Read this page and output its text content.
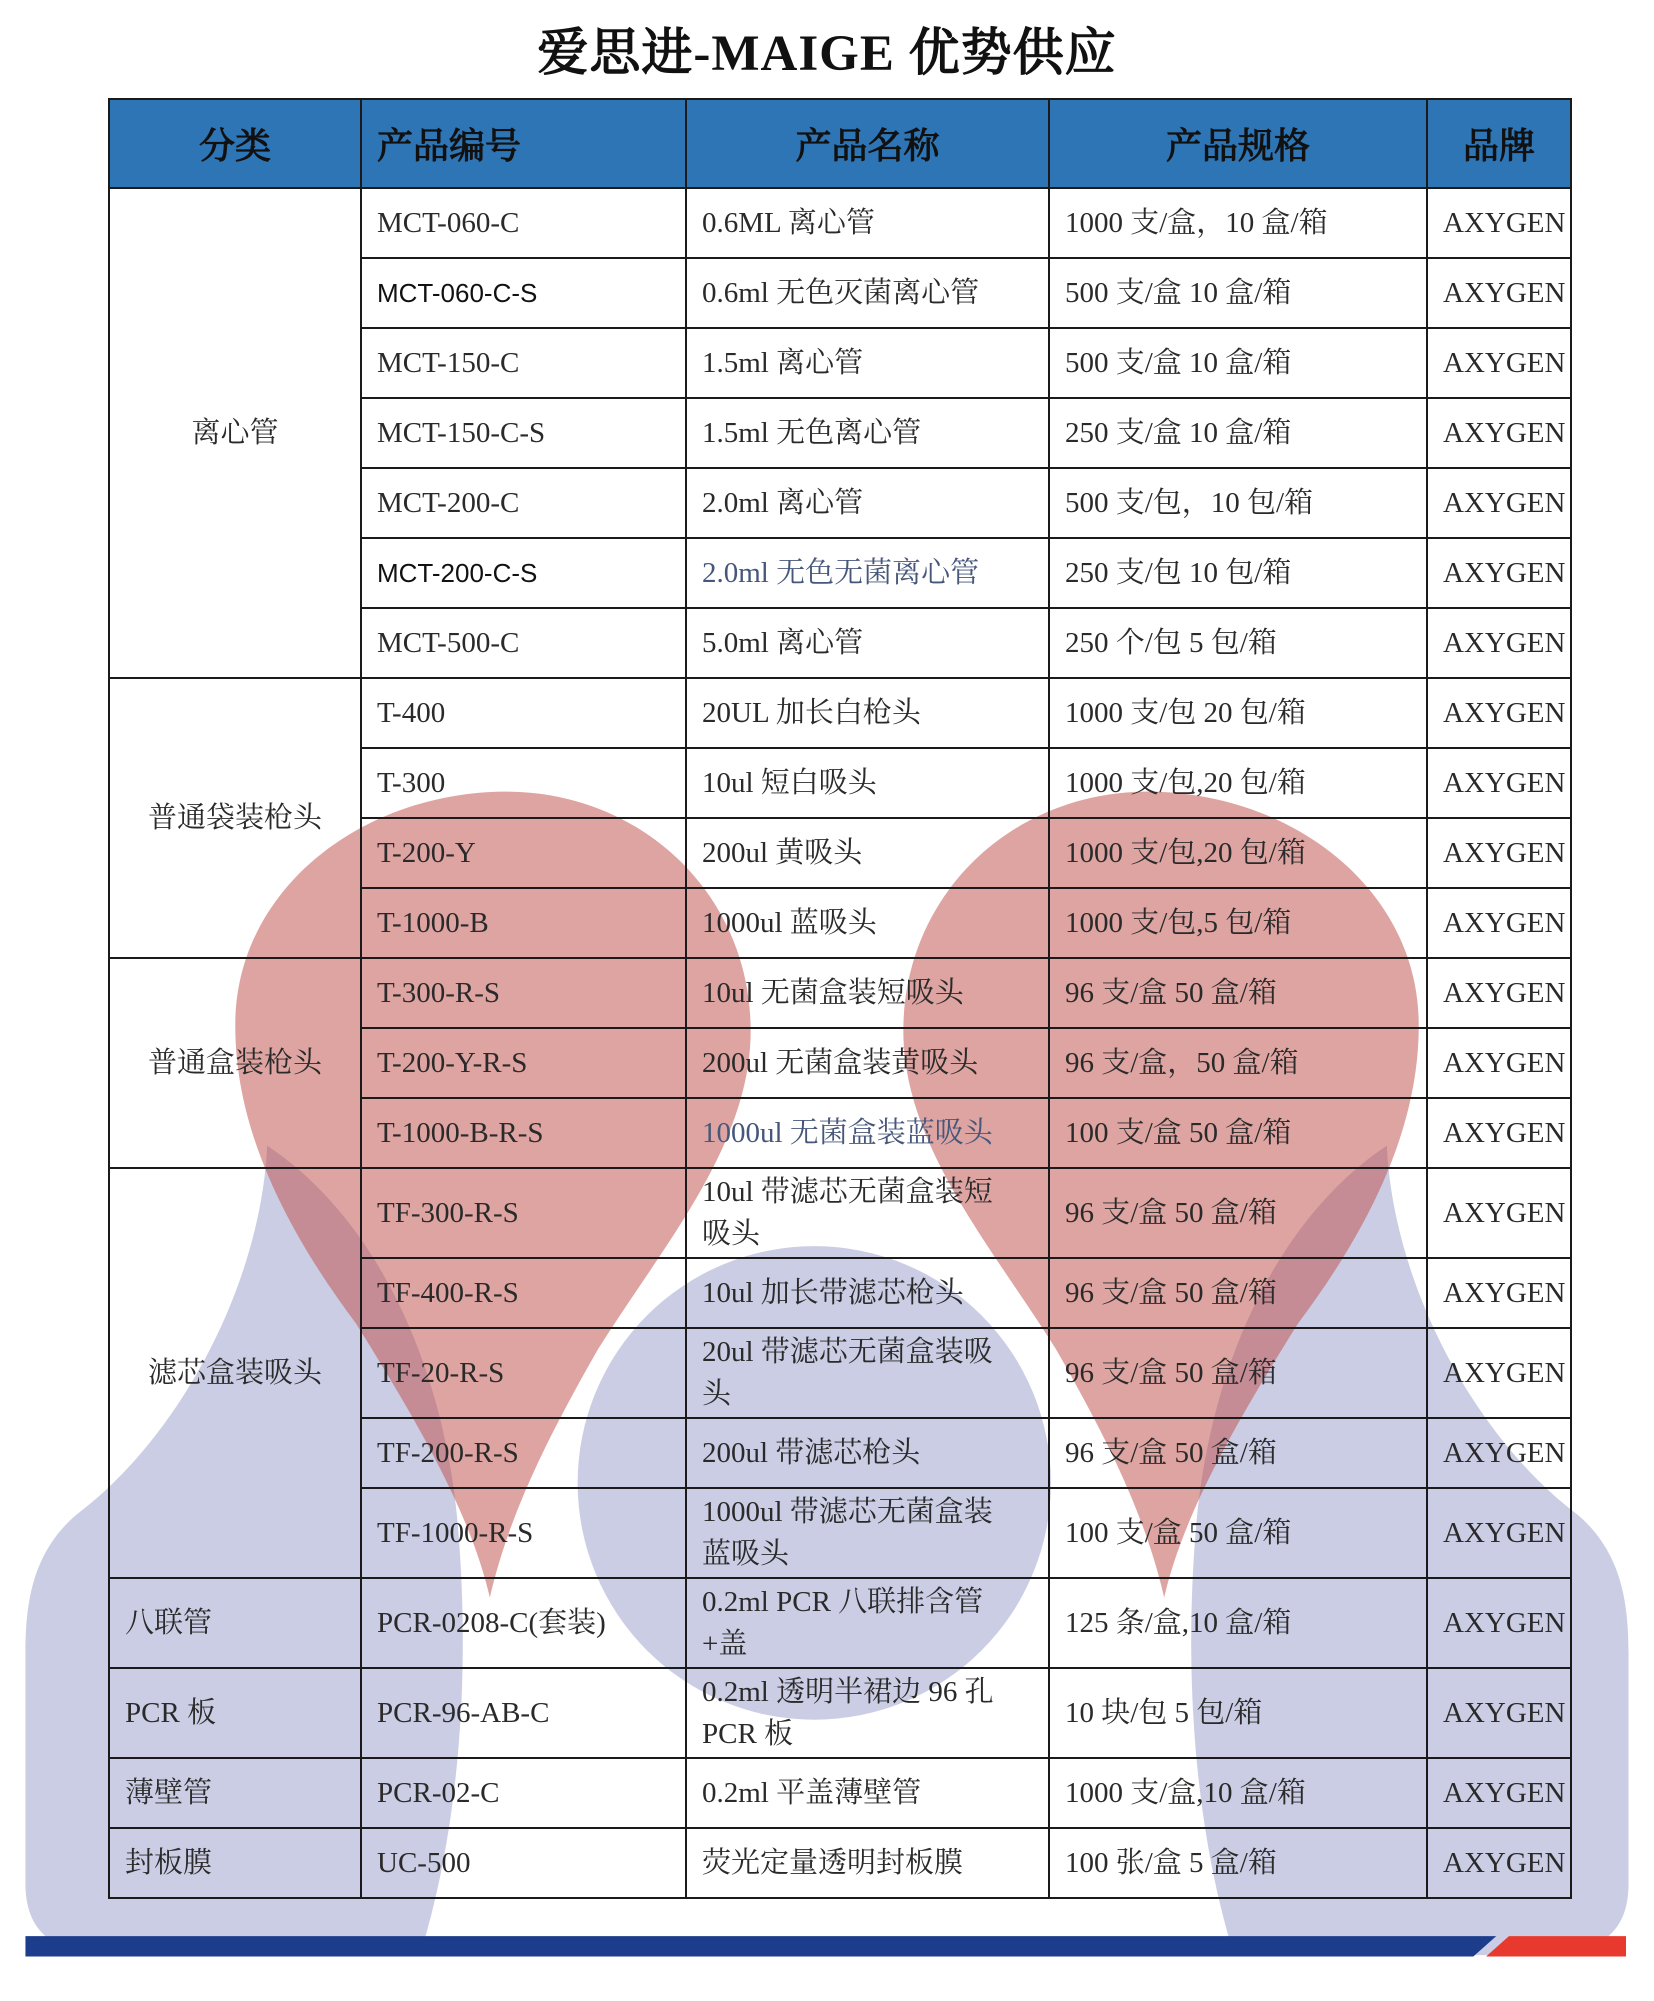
爱思进-MAIGE 优势供应
分类	产品编号	产品名称	产品规格	品牌
离心管	MCT-060-C	0.6ML 离心管	1000 支/盒，10 盒/箱	AXYGEN
	MCT-060-C-S	0.6ml 无色灭菌离心管	500 支/盒 10 盒/箱	AXYGEN
	MCT-150-C	1.5ml 离心管	500 支/盒 10 盒/箱	AXYGEN
	MCT-150-C-S	1.5ml 无色离心管	250 支/盒 10 盒/箱	AXYGEN
	MCT-200-C	2.0ml 离心管	500 支/包，10 包/箱	AXYGEN
	MCT-200-C-S	2.0ml 无色无菌离心管	250 支/包 10 包/箱	AXYGEN
	MCT-500-C	5.0ml 离心管	250 个/包 5 包/箱	AXYGEN
普通袋装枪头	T-400	20UL 加长白枪头	1000 支/包 20 包/箱	AXYGEN
	T-300	10ul 短白吸头	1000 支/包,20 包/箱	AXYGEN
	T-200-Y	200ul 黄吸头	1000 支/包,20 包/箱	AXYGEN
	T-1000-B	1000ul 蓝吸头	1000 支/包,5 包/箱	AXYGEN
普通盒装枪头	T-300-R-S	10ul 无菌盒装短吸头	96 支/盒 50 盒/箱	AXYGEN
	T-200-Y-R-S	200ul 无菌盒装黄吸头	96 支/盒，50 盒/箱	AXYGEN
	T-1000-B-R-S	1000ul 无菌盒装蓝吸头	100 支/盒 50 盒/箱	AXYGEN
滤芯盒装吸头	TF-300-R-S	10ul 带滤芯无菌盒装短吸头	96 支/盒 50 盒/箱	AXYGEN
	TF-400-R-S	10ul 加长带滤芯枪头	96 支/盒 50 盒/箱	AXYGEN
	TF-20-R-S	20ul 带滤芯无菌盒装吸头	96 支/盒 50 盒/箱	AXYGEN
	TF-200-R-S	200ul 带滤芯枪头	96 支/盒 50 盒/箱	AXYGEN
	TF-1000-R-S	1000ul 带滤芯无菌盒装蓝吸头	100 支/盒 50 盒/箱	AXYGEN
八联管	PCR-0208-C(套装)	0.2ml PCR 八联排含管+盖	125 条/盒,10 盒/箱	AXYGEN
PCR 板	PCR-96-AB-C	0.2ml 透明半裙边 96 孔 PCR 板	10 块/包 5 包/箱	AXYGEN
薄壁管	PCR-02-C	0.2ml 平盖薄壁管	1000 支/盒,10 盒/箱	AXYGEN
封板膜	UC-500	荧光定量透明封板膜	100 张/盒 5 盒/箱	AXYGEN
